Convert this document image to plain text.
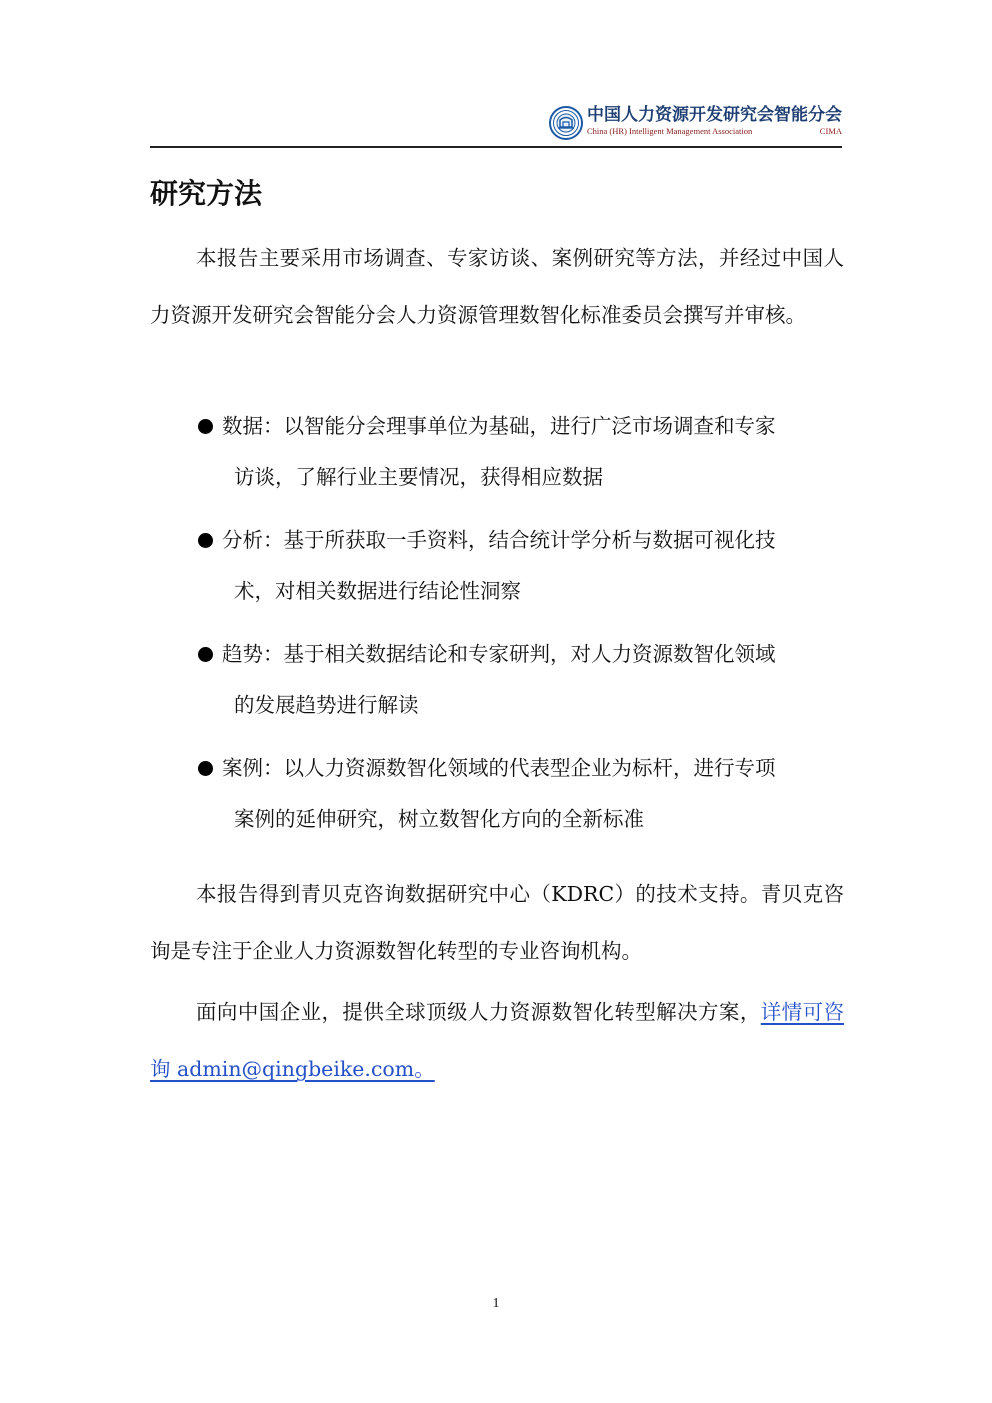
中国人力资源开发研究会智能分会
China (HR) Intelligent Management Association	CIMA
研究方法

本报告主要采用市场调查、专家访谈、案例研究等方法，并经过中国人力资源开发研究会智能分会人力资源管理数智化标准委员会撰写并审核。

数据：以智能分会理事单位为基础，进行广泛市场调查和专家
访谈，了解行业主要情况，获得相应数据
分析：基于所获取一手资料，结合统计学分析与数据可视化技
术，对相关数据进行结论性洞察
趋势：基于相关数据结论和专家研判，对人力资源数智化领域
的发展趋势进行解读
案例：以人力资源数智化领域的代表型企业为标杆，进行专项
案例的延伸研究，树立数智化方向的全新标准

本报告得到青贝克咨询数据研究中心（KDRC）的技术支持。青贝克咨询是专注于企业人力资源数智化转型的专业咨询机构。

面向中国企业，提供全球顶级人力资源数智化转型解决方案，详情可咨询 admin@qingbeike.com。

1
